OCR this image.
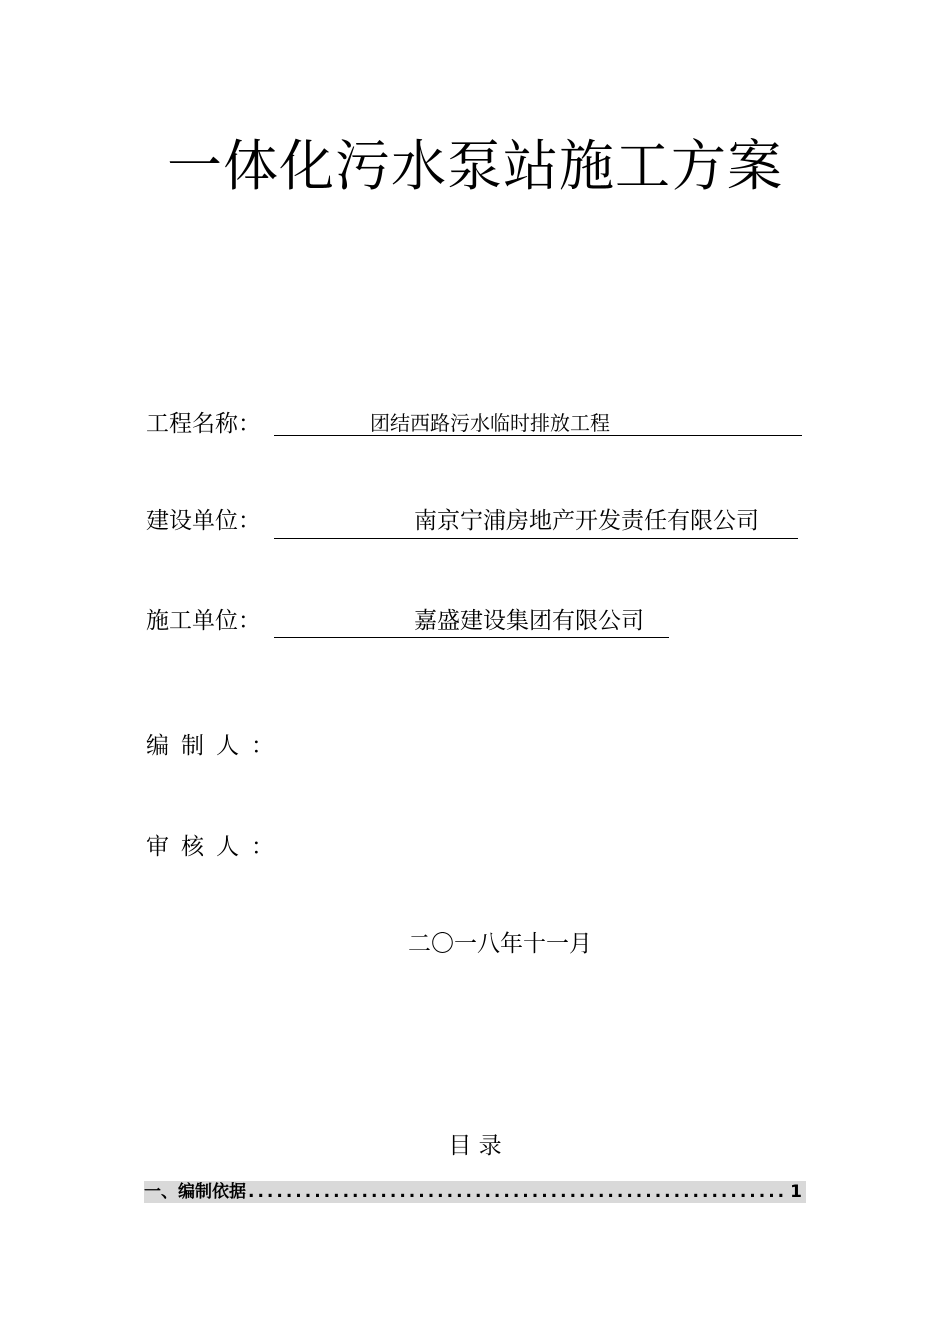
一体化污水泵站施工方案
工程名称：	团结西路污水临时排放工程
建设单位：	南京宁浦房地产开发责任有限公司
施工单位：	嘉盛建设集团有限公司
编制人：
审核人：
二〇一八年十一月
目 录
一、编制依据
.....	1
